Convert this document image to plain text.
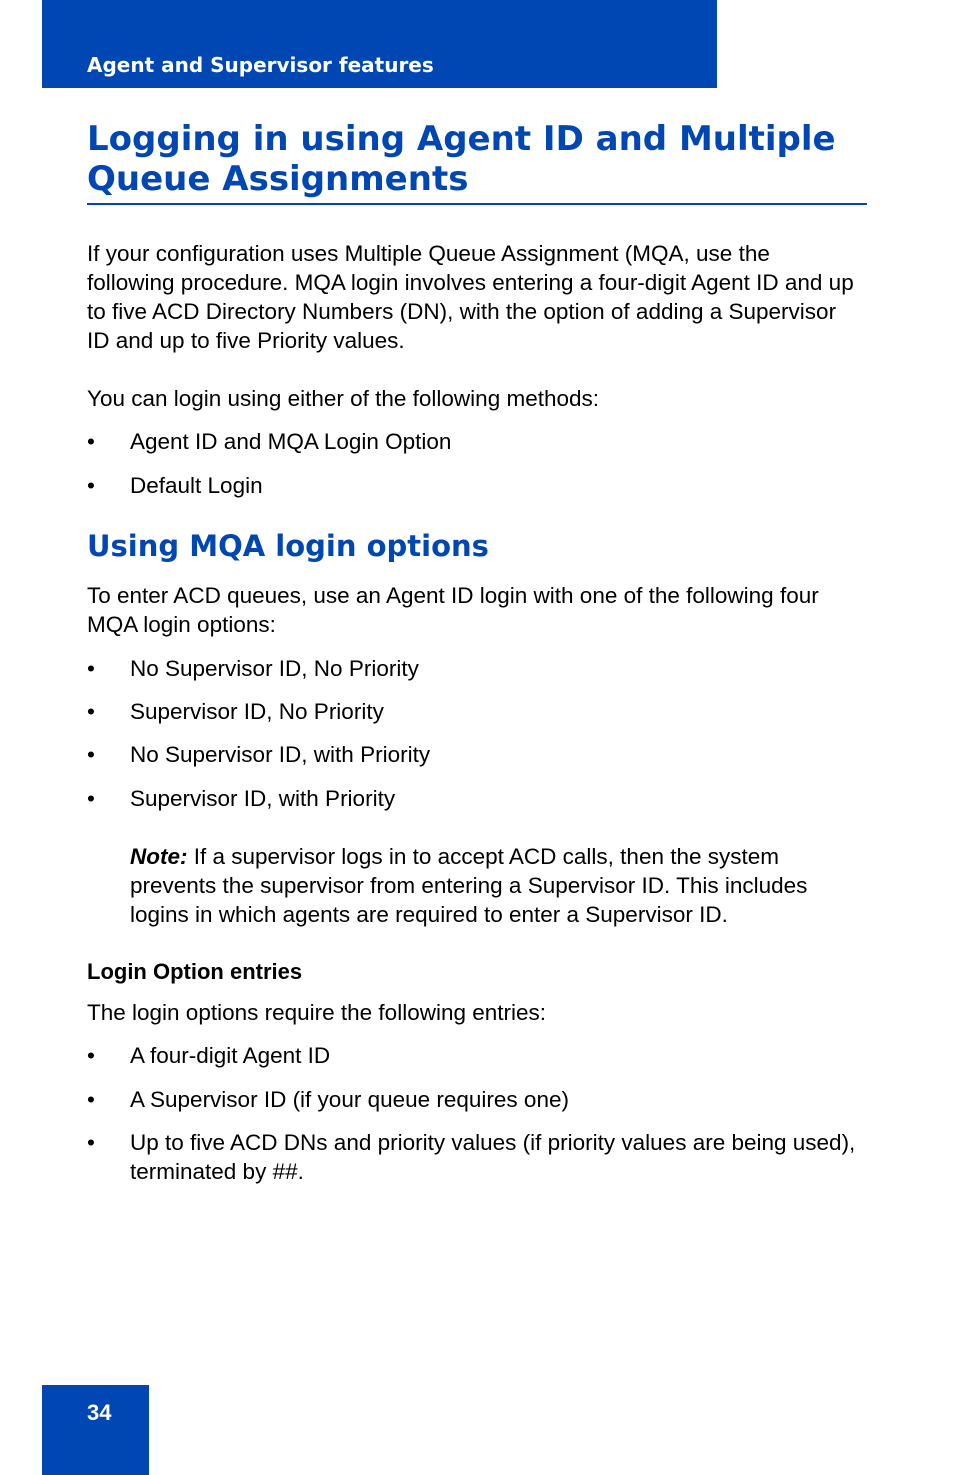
Agent and Supervisor features
Logging in using Agent ID and Multiple Queue Assignments

If your configuration uses Multiple Queue Assignment (MQA, use the following procedure. MQA login involves entering a four-digit Agent ID and up to five ACD Directory Numbers (DN), with the option of adding a Supervisor ID and up to five Priority values.

You can login using either of the following methods:

• Agent ID and MQA Login Option
• Default Login
Using MQA login options

To enter ACD queues, use an Agent ID login with one of the following four MQA login options:

• No Supervisor ID, No Priority
• Supervisor ID, No Priority
• No Supervisor ID, with Priority
• Supervisor ID, with Priority

Note: If a supervisor logs in to accept ACD calls, then the system prevents the supervisor from entering a Supervisor ID. This includes logins in which agents are required to enter a Supervisor ID.

Login Option entries

The login options require the following entries:

• A four-digit Agent ID
• A Supervisor ID (if your queue requires one)
• Up to five ACD DNs and priority values (if priority values are being used), terminated by ##.
34
